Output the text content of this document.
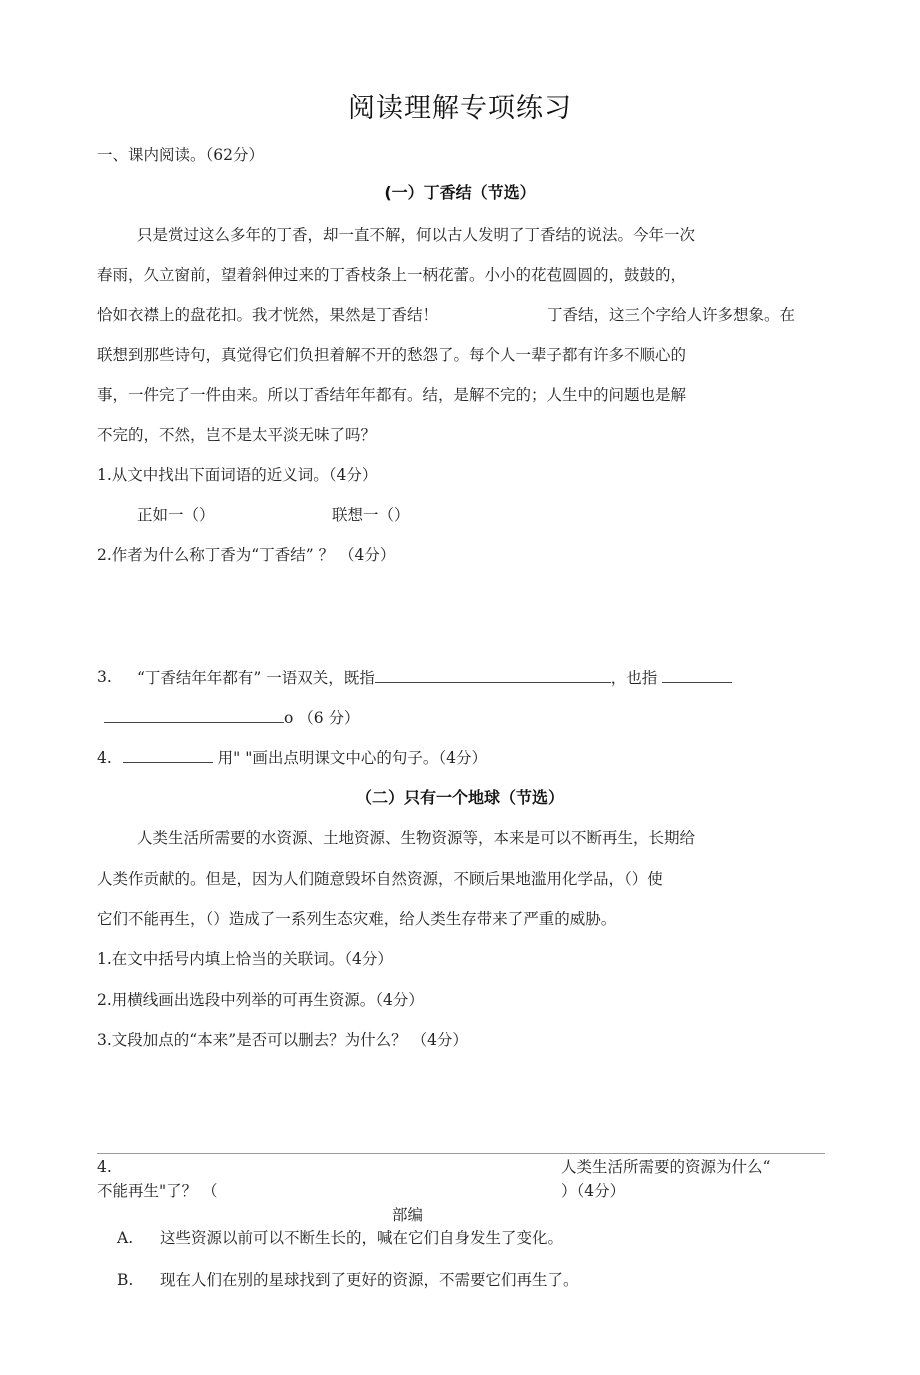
阅读理解专项练习
一、课内阅读。（62分）
(一）丁香结（节选）
只是赏过这么多年的丁香，却一直不解，何以古人发明了丁香结的说法。今年一次
春雨，久立窗前，望着斜伸过来的丁香枝条上一柄花蕾。小小的花苞圆圆的，鼓鼓的，
恰如衣襟上的盘花扣。我才恍然，果然是丁香结！	丁香结，这三个字给人许多想象。在
联想到那些诗句，真觉得它们负担着解不开的愁怨了。每个人一辈子都有许多不顺心的
事，一件完了一件由来。所以丁香结年年都有。结，是解不完的；人生中的问题也是解
不完的，不然，岂不是太平淡无味了吗？
1.从文中找出下面词语的近义词。（4分）
正如一（）	联想一（）
2.作者为什么称丁香为“丁香结” ？ （4分）
3. “丁香结年年都有” 一语双关，既指	，也指
o （6 分）
4.	用" "画出点明课文中心的句子。（4分）
（二）只有一个地球（节选）
人类生活所需要的水资源、土地资源、生物资源等，本来是可以不断再生，长期给
人类作贡献的。但是，因为人们随意毁坏自然资源，不顾后果地滥用化学品，（）使
它们不能再生，（）造成了一系列生态灾难，给人类生存带来了严重的威胁。
1.在文中括号内填上恰当的关联词。（4分）
2.用横线画出选段中列举的可再生资源。（4分）
3.文段加点的“本来”是否可以删去？为什么？ （4分）
4.	人类生活所需要的资源为什么“
不能再生"了？ （	）（4分）
部编
A. 这些资源以前可以不断生长的，喊在它们自身发生了变化。
B. 现在人们在别的星球找到了更好的资源，不需要它们再生了。
